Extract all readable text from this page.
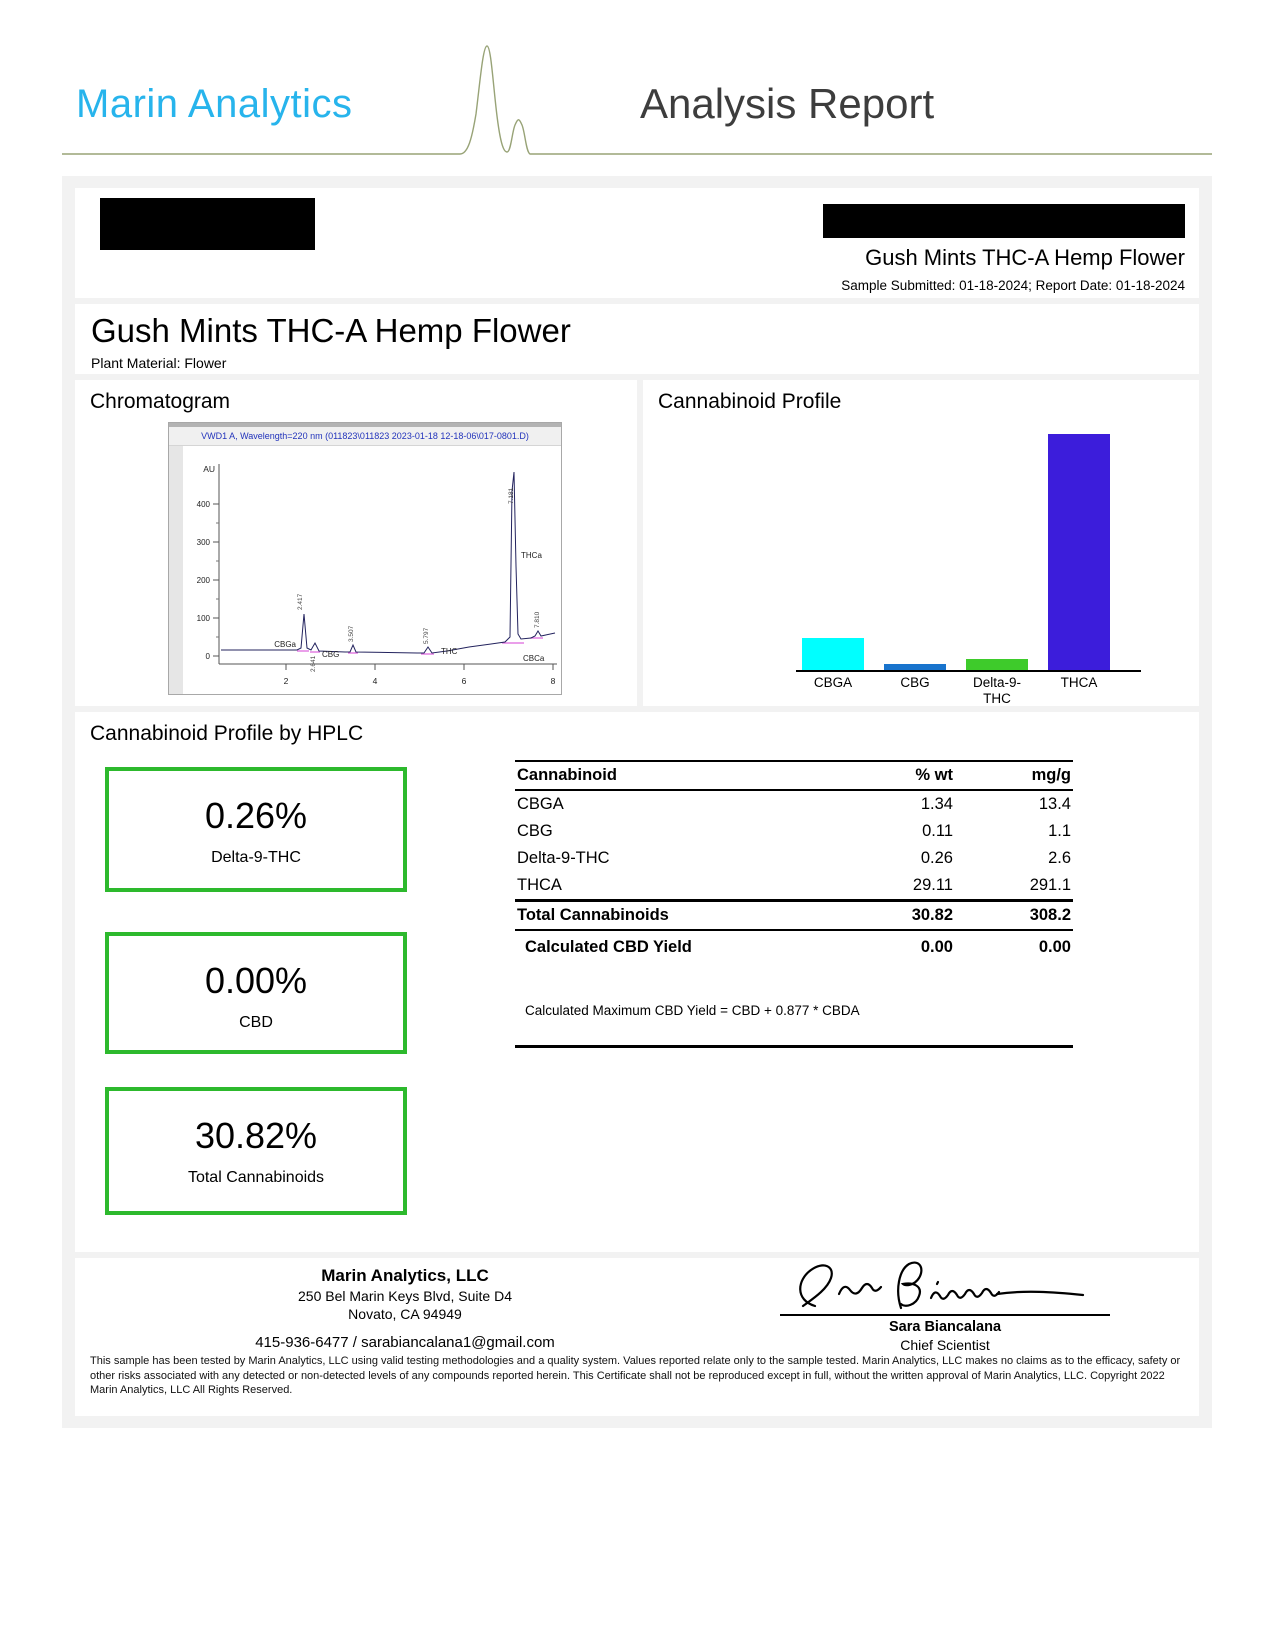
Marin Analytics	Analysis Report
Gush Mints THC-A Hemp Flower
Sample Submitted: 01-18-2024; Report Date: 01-18-2024
Gush Mints THC-A Hemp Flower
Plant Material: Flower
Chromatogram
VWD1 A, Wavelength=220 nm (011823\011823 2023-01-18 12-18-06\017-0801.D)
AU
400
300
200
100
0
2	4	6	8
CBGa
2.417
CBG
2.641
3.507
THC
5.797
THCa
7.181
CBCa
7.810
Cannabinoid Profile
CBGA	CBG	Delta-9-THC
THCA
Cannabinoid Profile by HPLC
0.26%
Delta-9-THC
0.00%
CBD
30.82%
Total Cannabinoids
Cannabinoid	% wt	mg/g
CBGA	1.34	13.4
CBG	0.11	1.1
Delta-9-THC	0.26	2.6
THCA	29.11	291.1
Total Cannabinoids	30.82	308.2
Calculated CBD Yield	0.00	0.00
Calculated Maximum CBD Yield = CBD + 0.877 * CBDA
Marin Analytics, LLC
250 Bel Marin Keys Blvd, Suite D4
Novato, CA 94949
415-936-6477 / sarabiancalana1@gmail.com
Sara Biancalana
Chief Scientist
This sample has been tested by Marin Analytics, LLC using valid testing methodologies and a quality system. Values reported relate only to the sample tested. Marin Analytics, LLC makes no claims as to the efficacy, safety or other risks associated with any detected or non-detected levels of any compounds reported herein. This Certificate shall not be reproduced except in full, without the written approval of Marin Analytics, LLC. Copyright 2022 Marin Analytics, LLC All Rights Reserved.
